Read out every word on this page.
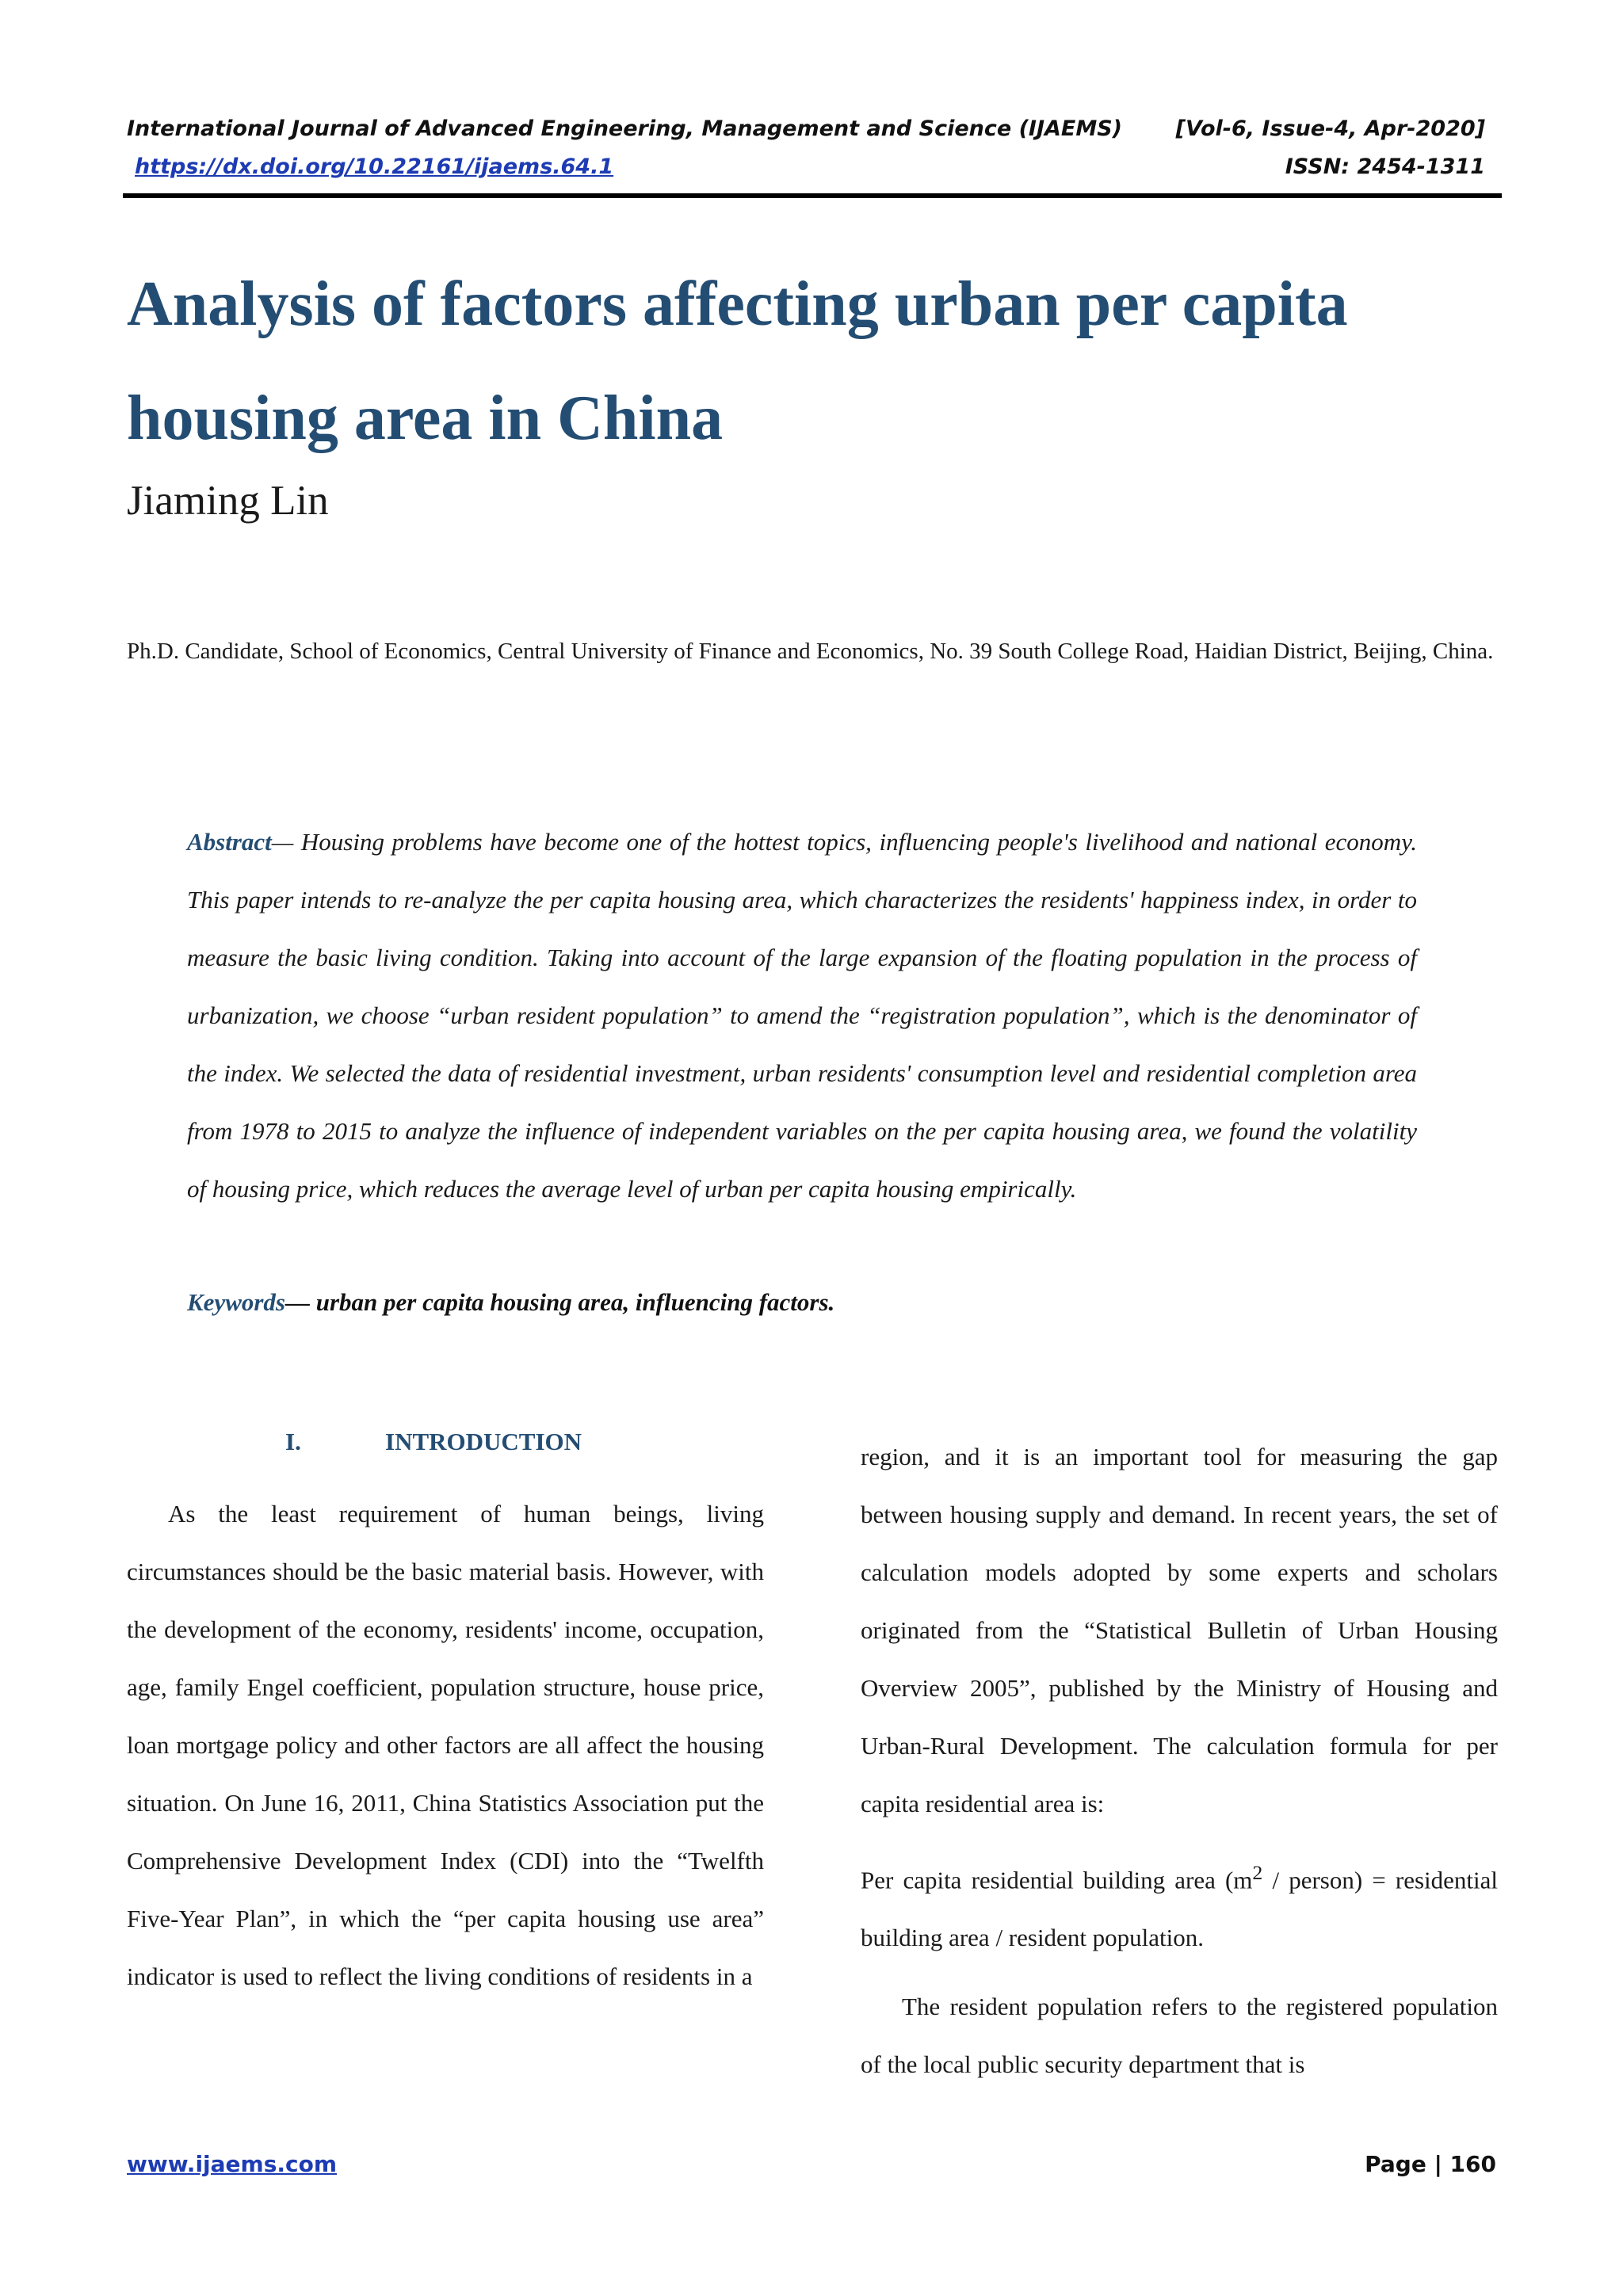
International Journal of Advanced Engineering, Management and Science (IJAEMS)	[Vol-6, Issue-4, Apr-2020]
https://dx.doi.org/10.22161/ijaems.64.1	ISSN: 2454-1311
Analysis of factors affecting urban per capita housing area in China
Jiaming Lin
Ph.D. Candidate, School of Economics, Central University of Finance and Economics, No. 39 South College Road, Haidian District, Beijing, China.
Abstract— Housing problems have become one of the hottest topics, influencing people's livelihood and national economy. This paper intends to re-analyze the per capita housing area, which characterizes the residents' happiness index, in order to measure the basic living condition. Taking into account of the large expansion of the floating population in the process of urbanization, we choose “urban resident population” to amend the “registration population”, which is the denominator of the index. We selected the data of residential investment, urban residents' consumption level and residential completion area from 1978 to 2015 to analyze the influence of independent variables on the per capita housing area, we found the volatility of housing price, which reduces the average level of urban per capita housing empirically.
Keywords— urban per capita housing area, influencing factors.
I.	INTRODUCTION

As the least requirement of human beings, living circumstances should be the basic material basis. However, with the development of the economy, residents' income, occupation, age, family Engel coefficient, population structure, house price, loan mortgage policy and other factors are all affect the housing situation. On June 16, 2011, China Statistics Association put the Comprehensive Development Index (CDI) into the “Twelfth Five-Year Plan”, in which the “per capita housing use area” indicator is used to reflect the living conditions of residents in a

region, and it is an important tool for measuring the gap between housing supply and demand. In recent years, the set of calculation models adopted by some experts and scholars originated from the “Statistical Bulletin of Urban Housing Overview 2005”, published by the Ministry of Housing and Urban-Rural Development. The calculation formula for per capita residential area is:

Per capita residential building area ($m^2$ / person) = residential building area / resident population.

The resident population refers to the registered population of the local public security department that is

www.ijaems.com	Page | 160
